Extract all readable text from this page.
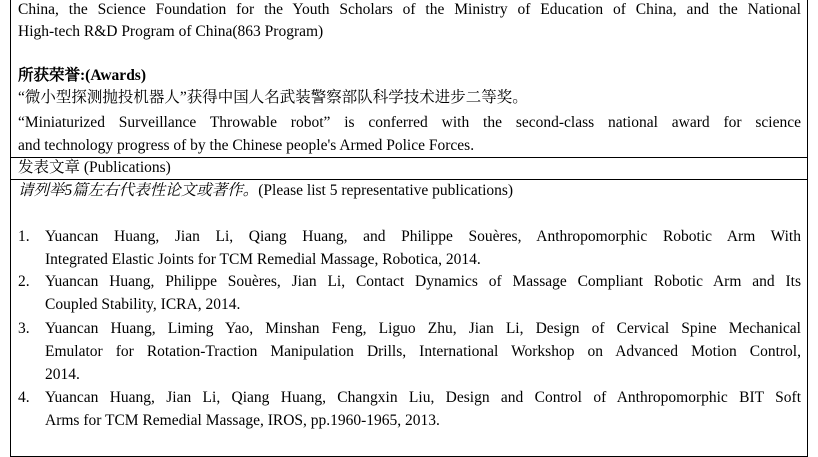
China, the Science Foundation for the Youth Scholars of the Ministry of Education of China, and the National
High-tech R&D Program of China(863 Program)
所获荣誉:(Awards)
“微小型探测抛投机器人”获得中国人名武装警察部队科学技术进步二等奖。
“Miniaturized Surveillance Throwable robot” is conferred with the second-class national award for science
and technology progress of by the Chinese people's Armed Police Forces.
发表文章 (Publications)
请列举5篇左右代表性论文或著作。(Please list 5 representative publications)
1. Yuancan Huang, Jian Li, Qiang Huang, and Philippe Souères, Anthropomorphic Robotic Arm With
Integrated Elastic Joints for TCM Remedial Massage, Robotica, 2014.
2. Yuancan Huang, Philippe Souères, Jian Li, Contact Dynamics of Massage Compliant Robotic Arm and Its
Coupled Stability, ICRA, 2014.
3. Yuancan Huang, Liming Yao, Minshan Feng, Liguo Zhu, Jian Li, Design of Cervical Spine Mechanical
Emulator for Rotation-Traction Manipulation Drills, International Workshop on Advanced Motion Control,
2014.
4. Yuancan Huang, Jian Li, Qiang Huang, Changxin Liu, Design and Control of Anthropomorphic BIT Soft
Arms for TCM Remedial Massage, IROS, pp.1960-1965, 2013.
